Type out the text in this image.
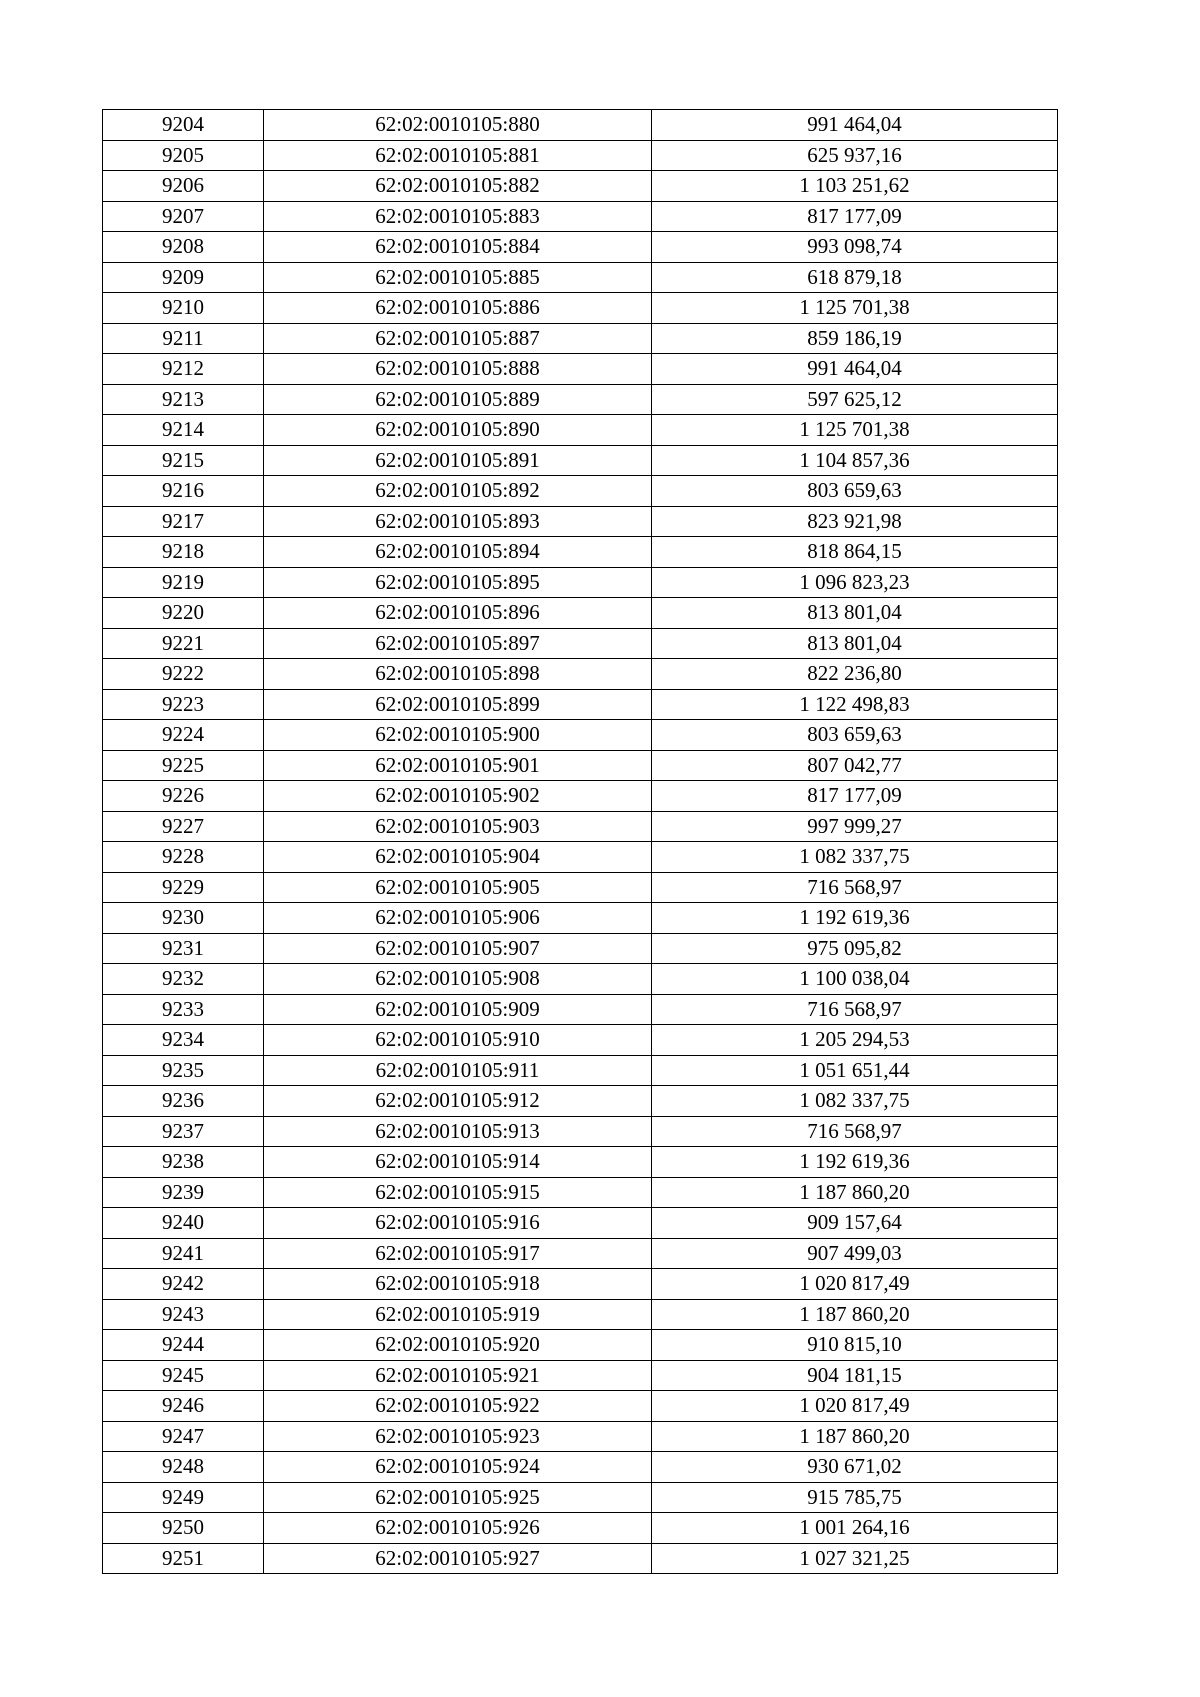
9204	62:02:0010105:880	991 464,04
9205	62:02:0010105:881	625 937,16
9206	62:02:0010105:882	1 103 251,62
9207	62:02:0010105:883	817 177,09
9208	62:02:0010105:884	993 098,74
9209	62:02:0010105:885	618 879,18
9210	62:02:0010105:886	1 125 701,38
9211	62:02:0010105:887	859 186,19
9212	62:02:0010105:888	991 464,04
9213	62:02:0010105:889	597 625,12
9214	62:02:0010105:890	1 125 701,38
9215	62:02:0010105:891	1 104 857,36
9216	62:02:0010105:892	803 659,63
9217	62:02:0010105:893	823 921,98
9218	62:02:0010105:894	818 864,15
9219	62:02:0010105:895	1 096 823,23
9220	62:02:0010105:896	813 801,04
9221	62:02:0010105:897	813 801,04
9222	62:02:0010105:898	822 236,80
9223	62:02:0010105:899	1 122 498,83
9224	62:02:0010105:900	803 659,63
9225	62:02:0010105:901	807 042,77
9226	62:02:0010105:902	817 177,09
9227	62:02:0010105:903	997 999,27
9228	62:02:0010105:904	1 082 337,75
9229	62:02:0010105:905	716 568,97
9230	62:02:0010105:906	1 192 619,36
9231	62:02:0010105:907	975 095,82
9232	62:02:0010105:908	1 100 038,04
9233	62:02:0010105:909	716 568,97
9234	62:02:0010105:910	1 205 294,53
9235	62:02:0010105:911	1 051 651,44
9236	62:02:0010105:912	1 082 337,75
9237	62:02:0010105:913	716 568,97
9238	62:02:0010105:914	1 192 619,36
9239	62:02:0010105:915	1 187 860,20
9240	62:02:0010105:916	909 157,64
9241	62:02:0010105:917	907 499,03
9242	62:02:0010105:918	1 020 817,49
9243	62:02:0010105:919	1 187 860,20
9244	62:02:0010105:920	910 815,10
9245	62:02:0010105:921	904 181,15
9246	62:02:0010105:922	1 020 817,49
9247	62:02:0010105:923	1 187 860,20
9248	62:02:0010105:924	930 671,02
9249	62:02:0010105:925	915 785,75
9250	62:02:0010105:926	1 001 264,16
9251	62:02:0010105:927	1 027 321,25
